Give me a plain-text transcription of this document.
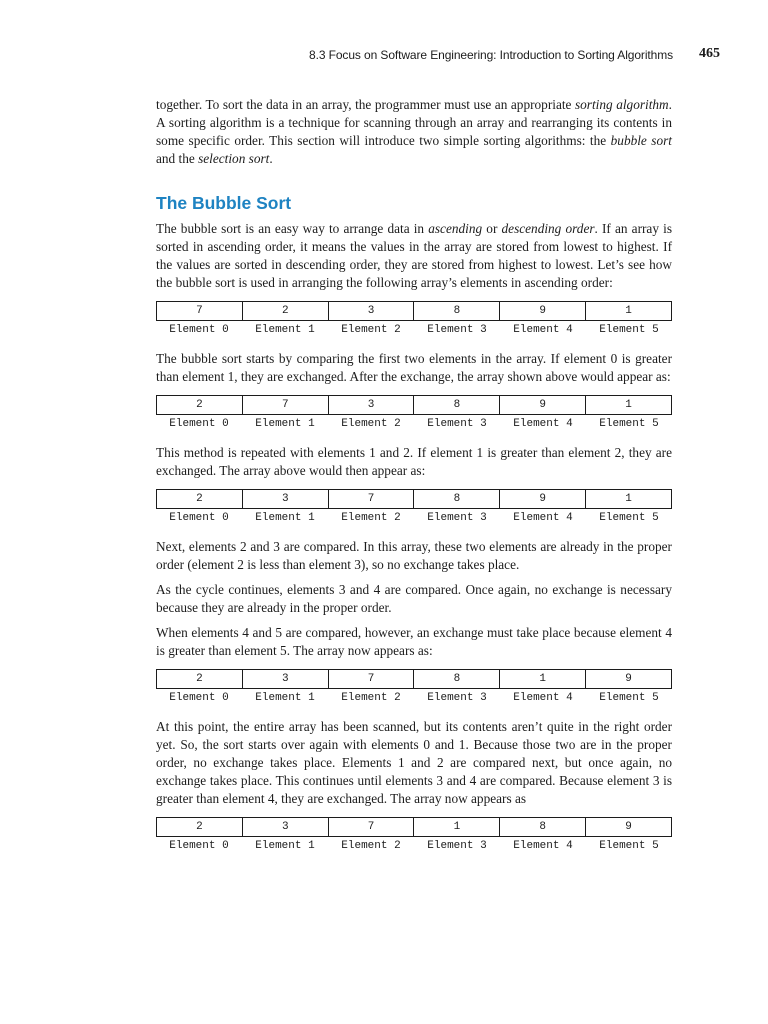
8.3 Focus on Software Engineering: Introduction to Sorting Algorithms 465

together. To sort the data in an array, the programmer must use an appropriate sorting algorithm. A sorting algorithm is a technique for scanning through an array and rearranging its contents in some specific order. This section will introduce two simple sorting algorithms: the bubble sort and the selection sort.

The Bubble Sort

The bubble sort is an easy way to arrange data in ascending or descending order. If an array is sorted in ascending order, it means the values in the array are stored from lowest to highest. If the values are sorted in descending order, they are stored from highest to lowest. Let’s see how the bubble sort is used in arranging the following array’s elements in ascending order:

7	2	3	8	9	1
Element 0	Element 1	Element 2	Element 3	Element 4	Element 5

The bubble sort starts by comparing the first two elements in the array. If element 0 is greater than element 1, they are exchanged. After the exchange, the array shown above would appear as:

2	7	3	8	9	1
Element 0	Element 1	Element 2	Element 3	Element 4	Element 5

This method is repeated with elements 1 and 2. If element 1 is greater than element 2, they are exchanged. The array above would then appear as:

2	3	7	8	9	1
Element 0	Element 1	Element 2	Element 3	Element 4	Element 5

Next, elements 2 and 3 are compared. In this array, these two elements are already in the proper order (element 2 is less than element 3), so no exchange takes place.

As the cycle continues, elements 3 and 4 are compared. Once again, no exchange is necessary because they are already in the proper order.

When elements 4 and 5 are compared, however, an exchange must take place because element 4 is greater than element 5. The array now appears as:

2	3	7	8	1	9
Element 0	Element 1	Element 2	Element 3	Element 4	Element 5

At this point, the entire array has been scanned, but its contents aren’t quite in the right order yet. So, the sort starts over again with elements 0 and 1. Because those two are in the proper order, no exchange takes place. Elements 1 and 2 are compared next, but once again, no exchange takes place. This continues until elements 3 and 4 are compared. Because element 3 is greater than element 4, they are exchanged. The array now appears as

2	3	7	1	8	9
Element 0	Element 1	Element 2	Element 3	Element 4	Element 5
